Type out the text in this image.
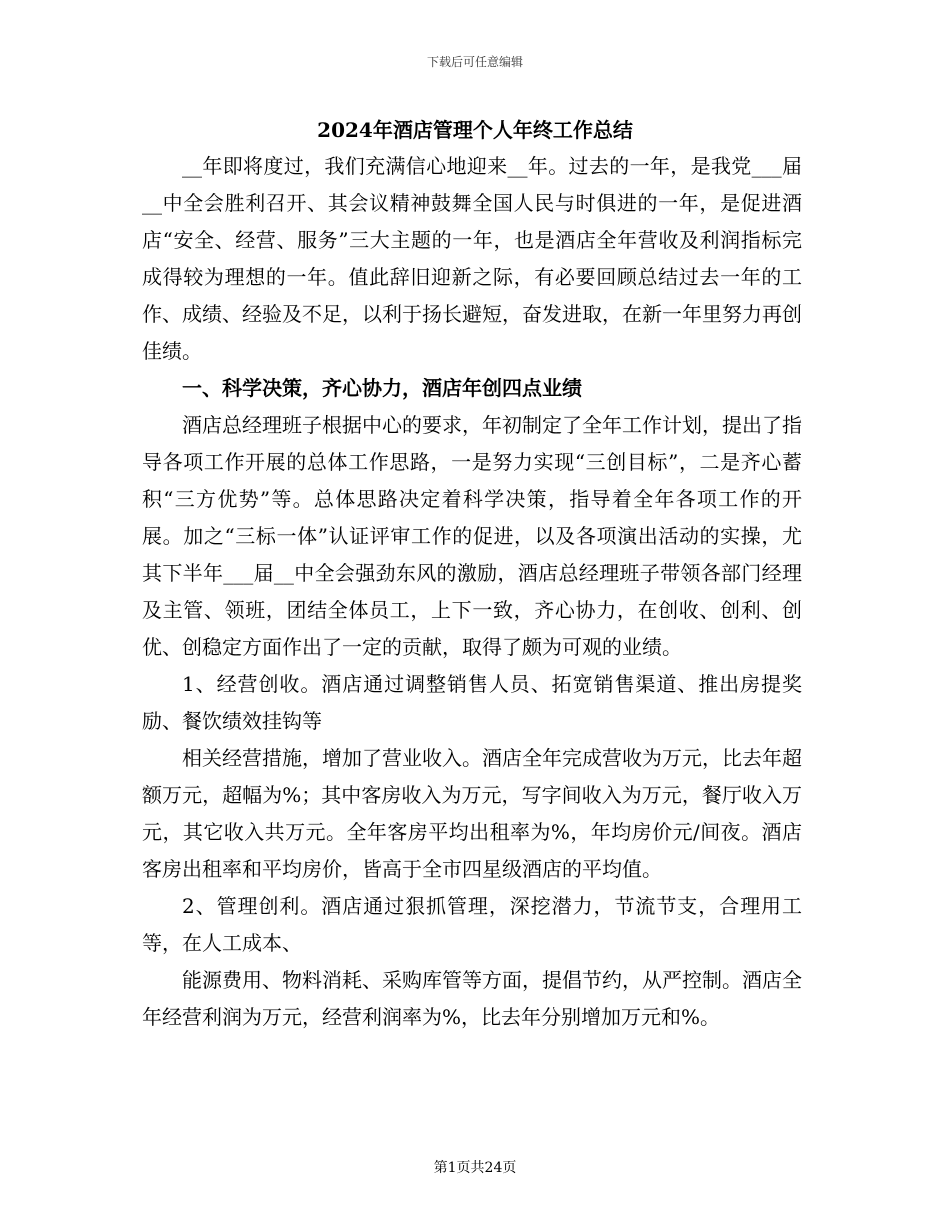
下载后可任意编辑
2024年酒店管理个人年终工作总结

__年即将度过，我们充满信心地迎来__年。过去的一年，是我党___届__中全会胜利召开、其会议精神鼓舞全国人民与时俱进的一年，是促进酒店“安全、经营、服务”三大主题的一年，也是酒店全年营收及利润指标完成得较为理想的一年。值此辞旧迎新之际，有必要回顾总结过去一年的工作、成绩、经验及不足，以利于扬长避短，奋发进取，在新一年里努力再创佳绩。

一、科学决策，齐心协力，酒店年创四点业绩

酒店总经理班子根据中心的要求，年初制定了全年工作计划，提出了指导各项工作开展的总体工作思路，一是努力实现“三创目标”，二是齐心蓄积“三方优势”等。总体思路决定着科学决策，指导着全年各项工作的开展。加之“三标一体”认证评审工作的促进，以及各项演出活动的实操，尤其下半年___届__中全会强劲东风的激励，酒店总经理班子带领各部门经理及主管、领班，团结全体员工，上下一致，齐心协力，在创收、创利、创优、创稳定方面作出了一定的贡献，取得了颇为可观的业绩。

1、经营创收。酒店通过调整销售人员、拓宽销售渠道、推出房提奖励、餐饮绩效挂钩等

相关经营措施，增加了营业收入。酒店全年完成营收为万元，比去年超额万元，超幅为%；其中客房收入为万元，写字间收入为万元，餐厅收入万元，其它收入共万元。全年客房平均出租率为%，年均房价元/间夜。酒店客房出租率和平均房价，皆高于全市四星级酒店的平均值。

2、管理创利。酒店通过狠抓管理，深挖潜力，节流节支，合理用工等，在人工成本、

能源费用、物料消耗、采购库管等方面，提倡节约，从严控制。酒店全年经营利润为万元，经营利润率为%，比去年分别增加万元和%。

第1页共24页
